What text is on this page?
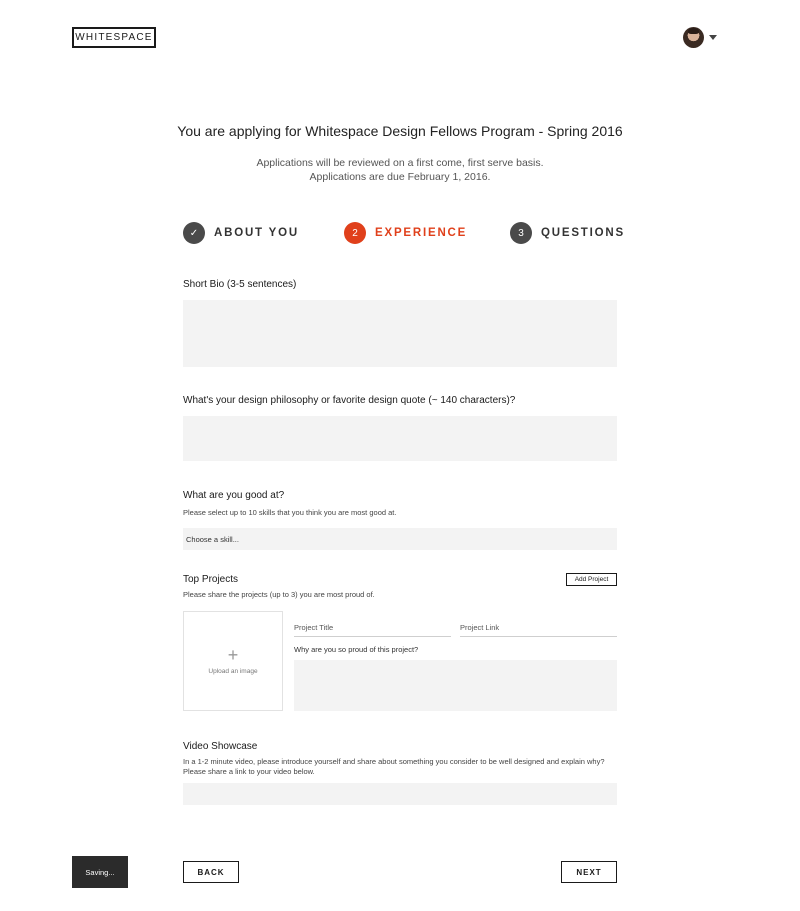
WHITESPACE
You are applying for Whitespace Design Fellows Program - Spring 2016
Applications will be reviewed on a first come, first serve basis.
Applications are due February 1, 2016.
✓	ABOUT YOU	2	EXPERIENCE	3	QUESTIONS
Short Bio (3-5 sentences)
What's your design philosophy or favorite design quote (~ 140 characters)?
What are you good at?
Please select up to 10 skills that you think you are most good at.
Choose a skill...
Top Projects
Please share the projects (up to 3) you are most proud of.
Add Project
+
Upload an image
Project Title	Project Link
Why are you so proud of this project?
Video Showcase
In a 1-2 minute video, please introduce yourself and share about something you consider to be well designed and explain why?
Please share a link to your video below.
Saving...	BACK	NEXT
